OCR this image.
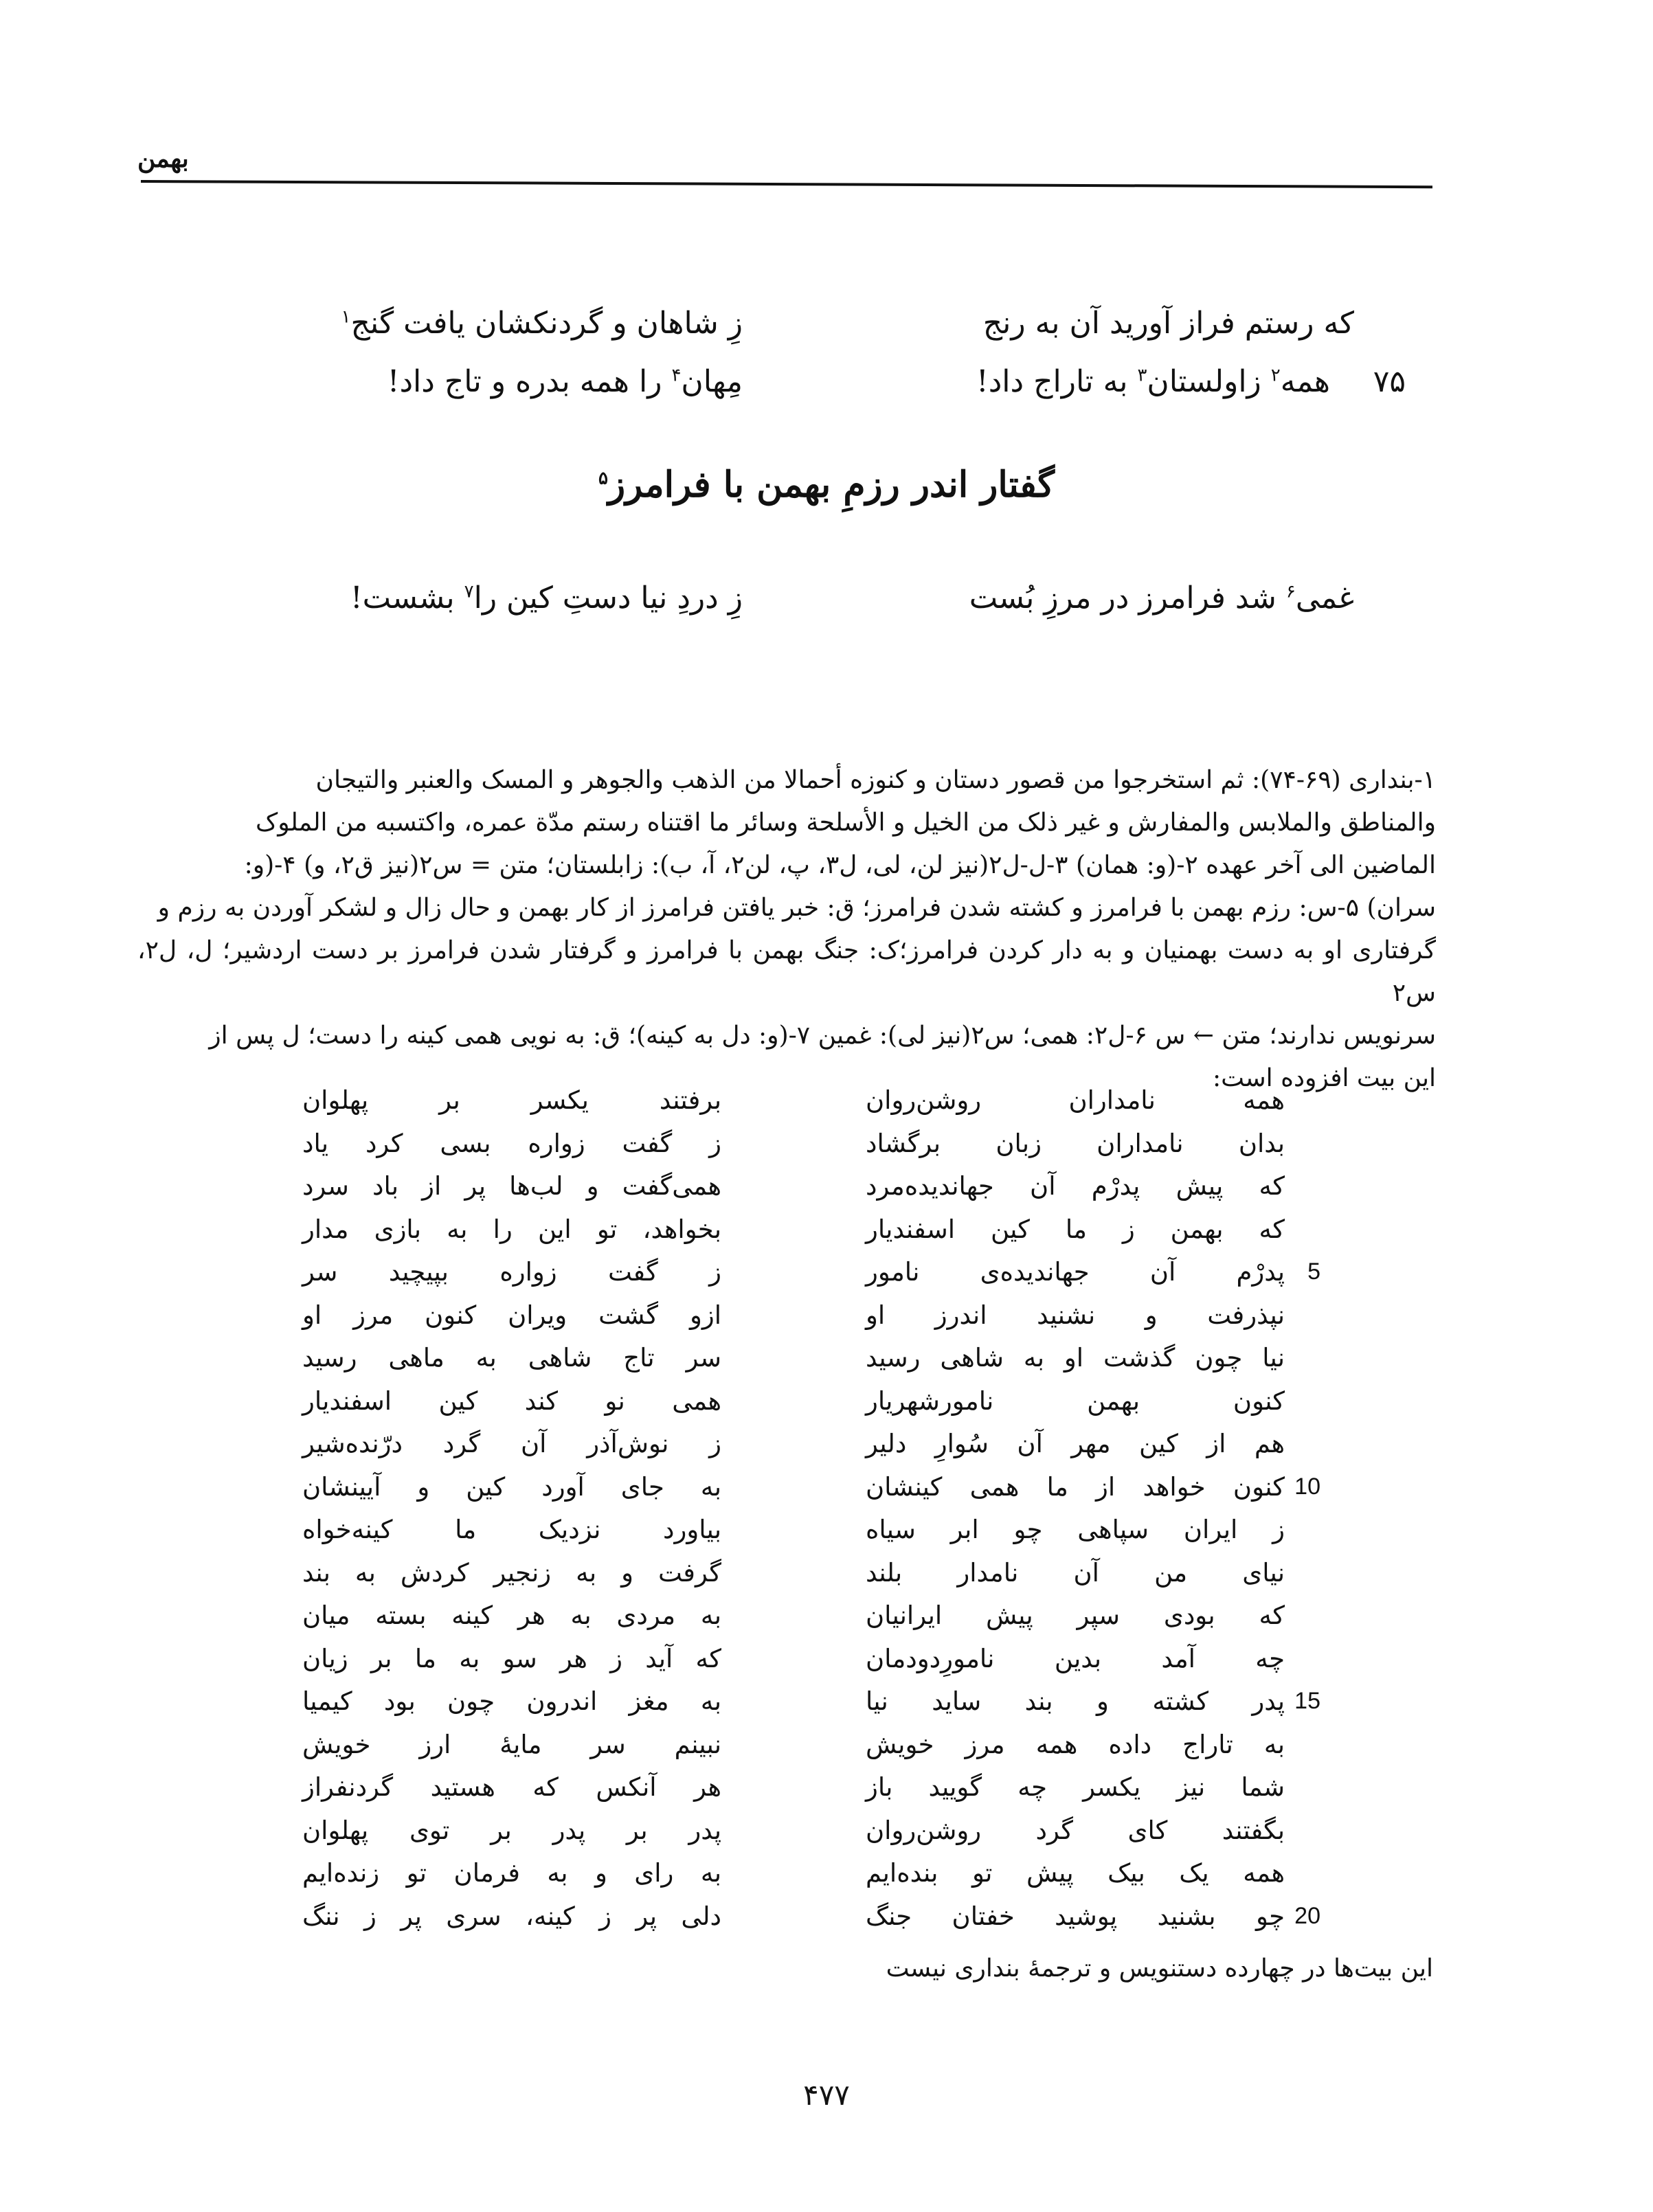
بهمن
که رستم فراز آورید آن به رنج
زِ شاهان و گردنکشان یافت گنج$^۱$
۷۵
همه$^۲$ زاولستان$^۳$ به تاراج داد!
مِهان$^۴$ را همه بدره و تاج داد!
گفتار اندر رزمِ بهمن با فرامرز$^۵$
غمی$^۶$ شد فرامرز در مرزِ بُست
زِ دردِ نیا دستِ کین را$^۷$ بشست!
۱-بنداری (۶۹-۷۴): ثم استخرجوا من قصور دستان و کنوزه أحمالا من الذهب والجوهر و المسک والعنبر والتیجان
والمناطق والملابس والمفارش و غیر ذلک من الخیل و الأسلحة وسائر ما اقتناه رستم مدّة عمره، واکتسبه من الملوک
الماضین الی آخر عهده ۲-(و: همان) ۳-ل-ل۲(نیز لن، لی، ل۳، پ، لن۲، آ، ب): زابلستان؛ متن = س۲(نیز ق۲، و) ۴-(و:
سران) ۵-س: رزم بهمن با فرامرز و کشته شدن فرامرز؛ ق: خبر یافتن فرامرز از کار بهمن و حال زال و لشکر آوردن به رزم و
گرفتاری او به دست بهمنیان و به دار کردن فرامرز؛ک: جنگ بهمن با فرامرز و گرفتار شدن فرامرز بر دست اردشیر؛ ل، ل۲، س۲
سرنویس ندارند؛ متن ← س ۶-ل۲: همی؛ س۲(نیز لی): غمین ۷-(و: دل به کینه)؛ ق: به نویی همی کینه را دست؛ ل پس از
این بیت افزوده است:
همه نامداران روشن‌روان
برفتند یکسر بر پهلوان
بدان نامداران زبان برگشاد
ز گفت زواره بسی کرد یاد
که پیش پدرْم آن جهاندیده‌مرد
همی‌گفت و لب‌ها پر از باد سرد
که بهمن ز ما کین اسفندیار
بخواهد، تو این را به بازی مدار
5
پدرْم آن جهاندیده‌ی نامور
ز گفت زواره بپیچید سر
نپذرفت و نشنید اندرز او
ازو گشت ویران کنون مرز او
نیا چون گذشت او به شاهی رسید
سر تاج شاهی به ماهی رسید
کنون بهمن نامورشهریار
همی نو کند کین اسفندیار
هم از کین مهر آن سُوارِ دلیر
ز نوش‌آذر آن گرد درّنده‌شیر
10
کنون خواهد از ما همی کینشان
به جای آورد کین و آیینشان
ز ایران سپاهی چو ابر سیاه
بیاورد نزدیک ما کینه‌خواه
نیای من آن نامدار بلند
گرفت و به زنجیر کردش به بند
که بودی سپر پیش ایرانیان
به مردی به هر کینه بسته میان
چه آمد بدین نامورِدودمان
که آید ز هر سو به ما بر زیان
15
پدر کشته و بند ساید نیا
به مغز اندرون چون بود کیمیا
به تاراج داده همه مرز خویش
نبینم سر مایهٔ ارز خویش
شما نیز یکسر چه گویید باز
هر آنکس که هستید گردنفراز
بگفتند کای گرد روشن‌روان
پدر بر پدر بر توی پهلوان
همه یک بیک پیش تو بنده‌ایم
به رای و به فرمان تو زنده‌ایم
20
چو بشنید پوشید خفتان جنگ
دلی پر ز کینه، سری پر ز ننگ
این بیت‌ها در چهارده دستنویس و ترجمهٔ بنداری نیست
۴۷۷
